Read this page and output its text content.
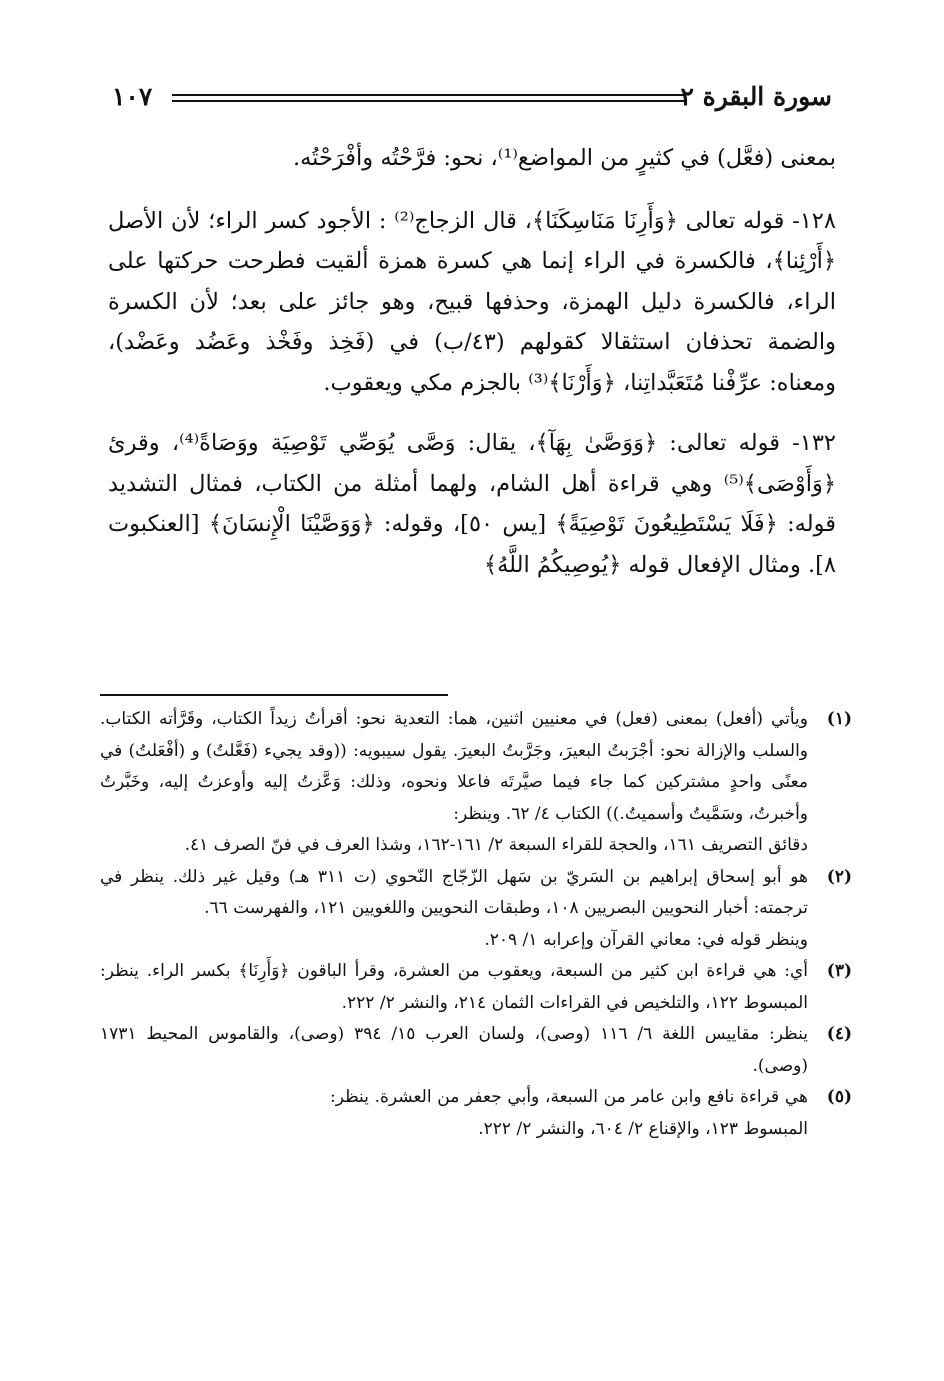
سورة البقرة ٢
١٠٧

بمعنى (فعَّل) في كثيرٍ من المواضع⁽¹⁾، نحو: فرَّحْتُه وأفْرَحْتُه.

١٢٨- قوله تعالى ﴿وَأَرِنَا مَنَاسِكَنَا﴾، قال الزجاج⁽²⁾ : الأجود كسر الراء؛ لأن الأصل ﴿أَرْئِنا﴾، فالكسرة في الراء إنما هي كسرة همزة ألقيت فطرحت حركتها على الراء، فالكسرة دليل الهمزة، وحذفها قبيح، وهو جائز على بعد؛ لأن الكسرة والضمة تحذفان استثقالا كقولهم (٤٣/ب) في (فَخِذ وفَخْذ وعَضُد وعَضْد)، ومعناه: عرِّفْنا مُتَعَبَّداتِنا، ﴿وَأَرْنَا﴾⁽³⁾ بالجزم مكي ويعقوب.

١٣٢- قوله تعالى: ﴿وَوَصَّىٰ بِهَآ﴾، يقال: وَصَّى يُوَصِّي تَوْصِيَة ووَصَاةً⁽⁴⁾، وقرئ ﴿وَأَوْصَى﴾⁽⁵⁾ وهي قراءة أهل الشام، ولهما أمثلة من الكتاب، فمثال التشديد قوله: ﴿فَلَا يَسْتَطِيعُونَ تَوْصِيَةً﴾ [يس ٥٠]، وقوله: ﴿وَوَصَّيْنَا الْإِنسَانَ﴾ [العنكبوت ٨]. ومثال الإفعال قوله ﴿يُوصِيكُمُ اللَّهُ﴾

(١)
ويأتي (أفعل) بمعنى (فعل) في معنيين اثنين، هما: التعدية نحو: أقرأتُ زيداً الكتاب، وقَرَّأته الكتاب. والسلب والإزالة نحو: أجْرَبتُ البعيرَ، وجَرَّبتُ البعيرَ. يقول سيبويه: ((وقد يجيء (فَعَّلتُ) و (أفْعَلتُ) في معنًى واحدٍ مشتركين كما جاء فيما صيَّرتَه فاعلا ونحوه، وذلك: وَعَّزتُ إليه وأوعزتُ إليه، وخَبَّرتُ وأخبرتُ، وسَمَّيتُ وأسميتُ.)) الكتاب ٤/ ٦٢. وينظر:
دقائق التصريف ١٦١، والحجة للقراء السبعة ٢/ ١٦١-١٦٢، وشذا العرف في فنّ الصرف ٤١.
(٢)
هو أبو إسحاق إبراهيم بن السَريّ بن سَهل الزّجّاج النّحوي (ت ٣١١ هـ) وقيل غير ذلك. ينظر في ترجمته: أخبار النحويين البصريين ١٠٨، وطبقات النحويين واللغويين ١٢١، والفهرست ٦٦.
وينظر قوله في: معاني القرآن وإعرابه ١/ ٢٠٩.
(٣)
أي: هي قراءة ابن كثير من السبعة، ويعقوب من العشرة، وقرأ الباقون ﴿وَأَرِنَا﴾ بكسر الراء. ينظر: المبسوط ١٢٢، والتلخيص في القراءات الثمان ٢١٤، والنشر ٢/ ٢٢٢.
(٤)
ينظر: مقاييس اللغة ٦/ ١١٦ (وصى)، ولسان العرب ١٥/ ٣٩٤ (وصى)، والقاموس المحيط ١٧٣١ (وصى).
(٥)
هي قراءة نافع وابن عامر من السبعة، وأبي جعفر من العشرة. ينظر: المبسوط ١٢٣، والإقناع ٢/ ٦٠٤، والنشر ٢/ ٢٢٢.
